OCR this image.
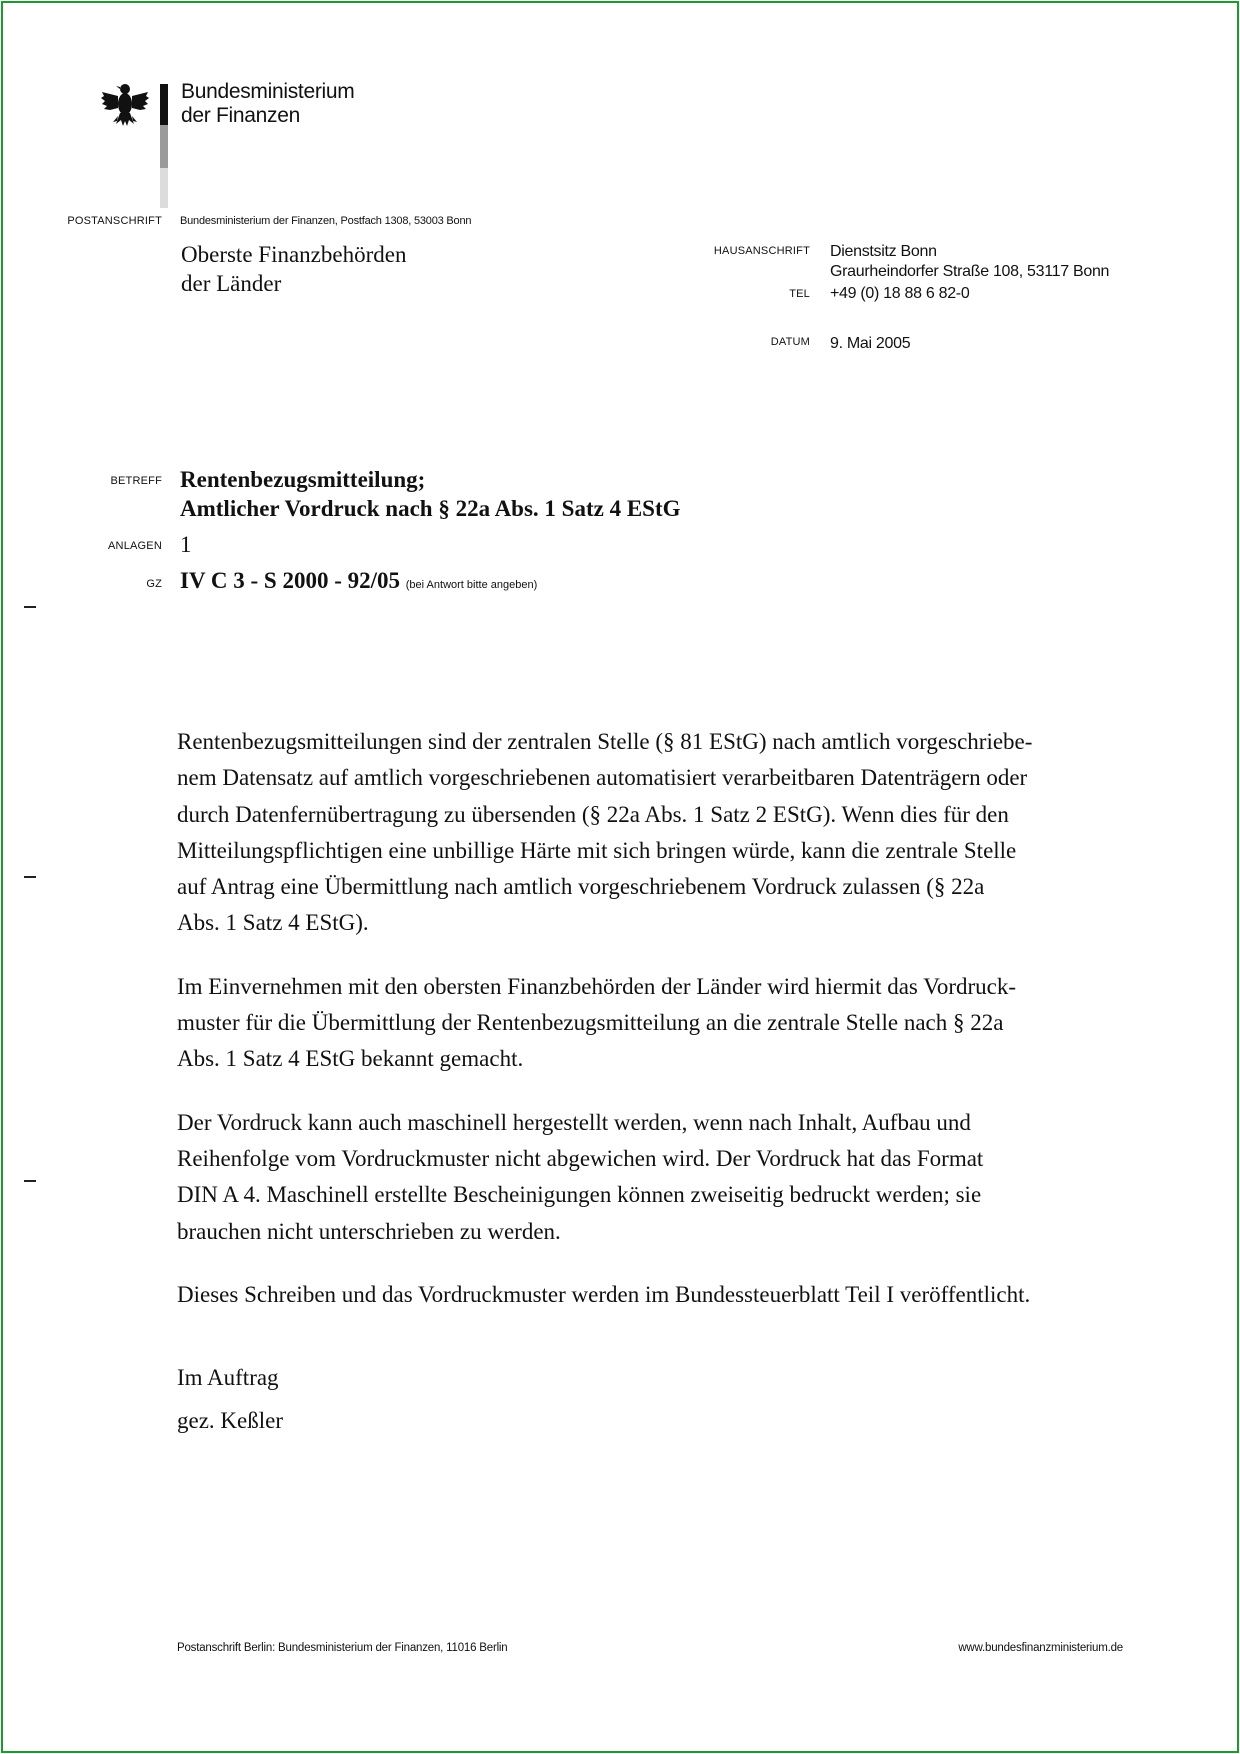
Bundesministerium
der Finanzen
POSTANSCHRIFT Bundesministerium der Finanzen, Postfach 1308, 53003 Bonn
Oberste Finanzbehörden
der Länder
HAUSANSCHRIFT Dienstsitz Bonn
Graurheindorfer Straße 108, 53117 Bonn
TEL +49 (0) 18 88 6 82-0
DATUM 9. Mai 2005
BETREFF Rentenbezugsmitteilung;
Amtlicher Vordruck nach § 22a Abs. 1 Satz 4 EStG
ANLAGEN 1
GZ IV C 3 - S 2000 - 92/05 (bei Antwort bitte angeben)

Rentenbezugsmitteilungen sind der zentralen Stelle (§ 81 EStG) nach amtlich vorgeschriebe-
nem Datensatz auf amtlich vorgeschriebenen automatisiert verarbeitbaren Datenträgern oder
durch Datenfernübertragung zu übersenden (§ 22a Abs. 1 Satz 2 EStG). Wenn dies für den
Mitteilungspflichtigen eine unbillige Härte mit sich bringen würde, kann die zentrale Stelle
auf Antrag eine Übermittlung nach amtlich vorgeschriebenem Vordruck zulassen (§ 22a
Abs. 1 Satz 4 EStG).

Im Einvernehmen mit den obersten Finanzbehörden der Länder wird hiermit das Vordruck-
muster für die Übermittlung der Rentenbezugsmitteilung an die zentrale Stelle nach § 22a
Abs. 1 Satz 4 EStG bekannt gemacht.

Der Vordruck kann auch maschinell hergestellt werden, wenn nach Inhalt, Aufbau und
Reihenfolge vom Vordruckmuster nicht abgewichen wird. Der Vordruck hat das Format
DIN A 4. Maschinell erstellte Bescheinigungen können zweiseitig bedruckt werden; sie
brauchen nicht unterschrieben zu werden.

Dieses Schreiben und das Vordruckmuster werden im Bundessteuerblatt Teil I veröffentlicht.

Im Auftrag
gez. Keßler
Postanschrift Berlin: Bundesministerium der Finanzen, 11016 Berlin	www.bundesfinanzministerium.de
